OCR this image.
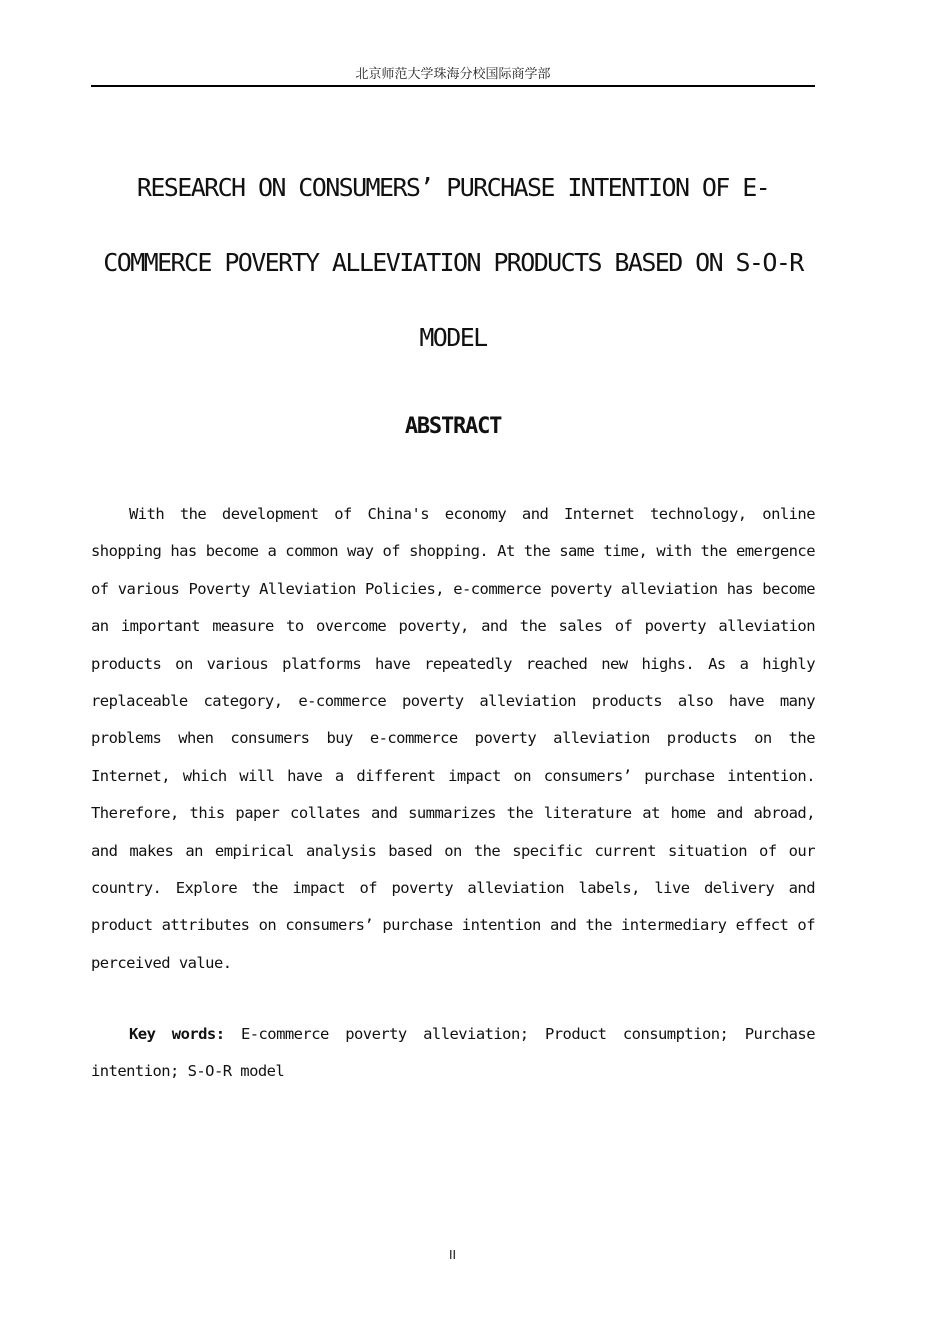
北京师范大学珠海分校国际商学部
RESEARCH ON CONSUMERS’ PURCHASE INTENTION OF E-COMMERCE POVERTY ALLEVIATION PRODUCTS BASED ON S-O-R MODEL
ABSTRACT

With the development of China's economy and Internet technology, online shopping has become a common way of shopping. At the same time, with the emergence of various Poverty Alleviation Policies, e-commerce poverty alleviation has become an important measure to overcome poverty, and the sales of poverty alleviation products on various platforms have repeatedly reached new highs. As a highly replaceable category, e-commerce poverty alleviation products also have many problems when consumers buy e-commerce poverty alleviation products on the Internet, which will have a different impact on consumers’ purchase intention. Therefore, this paper collates and summarizes the literature at home and abroad, and makes an empirical analysis based on the specific current situation of our country. Explore the impact of poverty alleviation labels, live delivery and product attributes on consumers’ purchase intention and the intermediary effect of perceived value.

Key words: E-commerce poverty alleviation; Product consumption; Purchase intention; S-O-R model

II
